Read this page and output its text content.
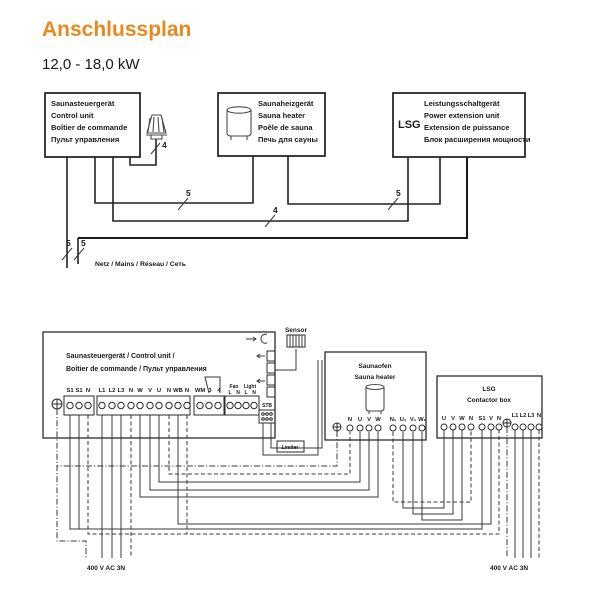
Anschlussplan
12,0 - 18,0 kW
Saunasteuergerät
Control unit
Boîtier de commande
Пульт управления
Saunaheizgerät
Sauna heater
Poêle de sauna
Печь для сауны
LSG
Leistungsschaltgerät
Power extension unit
Extension de puissance
Блок расширения мощности
4
5
4
5
5 5
Netz / Mains / Réseau / Сеть
Saunasteuergerät / Control unit /
Boîtier de commande / Пульт управления
S1 S1 N L1 L2 L3 N W V U N WB N WM 3 4
Fan Light
L N L N
STB
Sensor
Limiter
Saunaofen
Sauna heater
N U V W N₁ U₁ V₁ W₁
LSG
Contactor box
U V W N S1 V N L1 L2 L3 N
400 V AC 3N	400 V AC 3N
